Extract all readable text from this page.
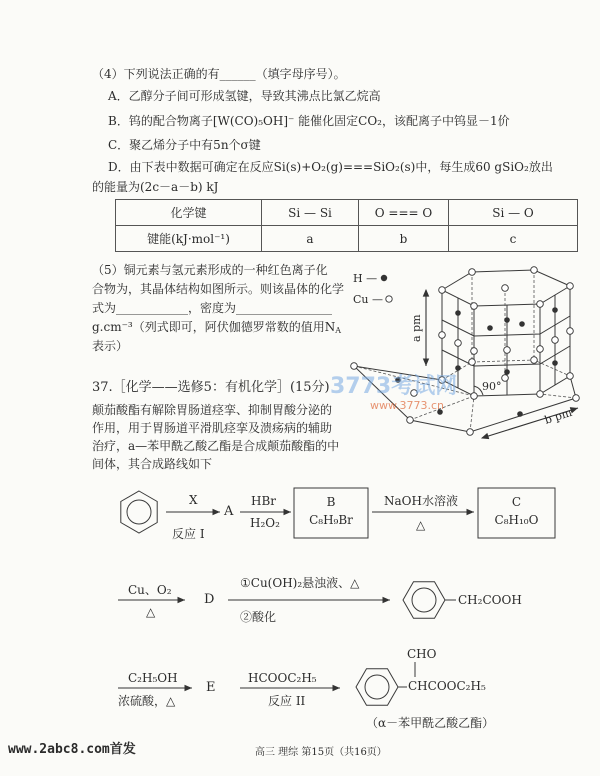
H —
Cu —
a pm
90°
b pm
（4）下列说法正确的有______（填字母序号）。
A．乙醇分子间可形成氢键，导致其沸点比氯乙烷高
B．钨的配合物离子[W(CO)₅OH]⁻ 能催化固定CO₂，该配离子中钨显－1价
C．聚乙烯分子中有5n个σ键
D．由下表中数据可确定在反应Si(s)+O₂(g)===SiO₂(s)中，每生成60 gSiO₂放出
的能量为(2c－a－b) kJ
化学键	Si — Si	O === O	Si — O
键能(kJ·mol⁻¹)	a	b	c
（5）铜元素与氢元素形成的一种红色离子化
合物为，其晶体结构如图所示。则该晶体的化学
式为____________，密度为________________
g.cm⁻³（列式即可，阿伏伽德罗常数的值用$N_A$
表示）
37.［化学——选修5：有机化学］(15分)
颠茄酸酯有解除胃肠道痉挛、抑制胃酸分泌的
作用，用于胃肠道平滑肌痉挛及溃疡病的辅助
治疗，a—苯甲酰乙酸乙酯是合成颠茄酸酯的中
间体，其合成路线如下
X
反应 I
A
HBr
H₂O₂
B
C₈H₉Br
NaOH水溶液
△
C
C₈H₁₀O
Cu、O₂
△
D
①Cu(OH)₂悬浊液、△
②酸化
CH₂COOH
C₂H₅OH
浓硫酸，△
E
HCOOC₂H₅
反应 II
CHO
CHCOOC₂H₅
（α－苯甲酰乙酸乙酯）
3773考试网
www.3773.cn
www.2abc8.com首发	高三 理综 第15页（共16页）
